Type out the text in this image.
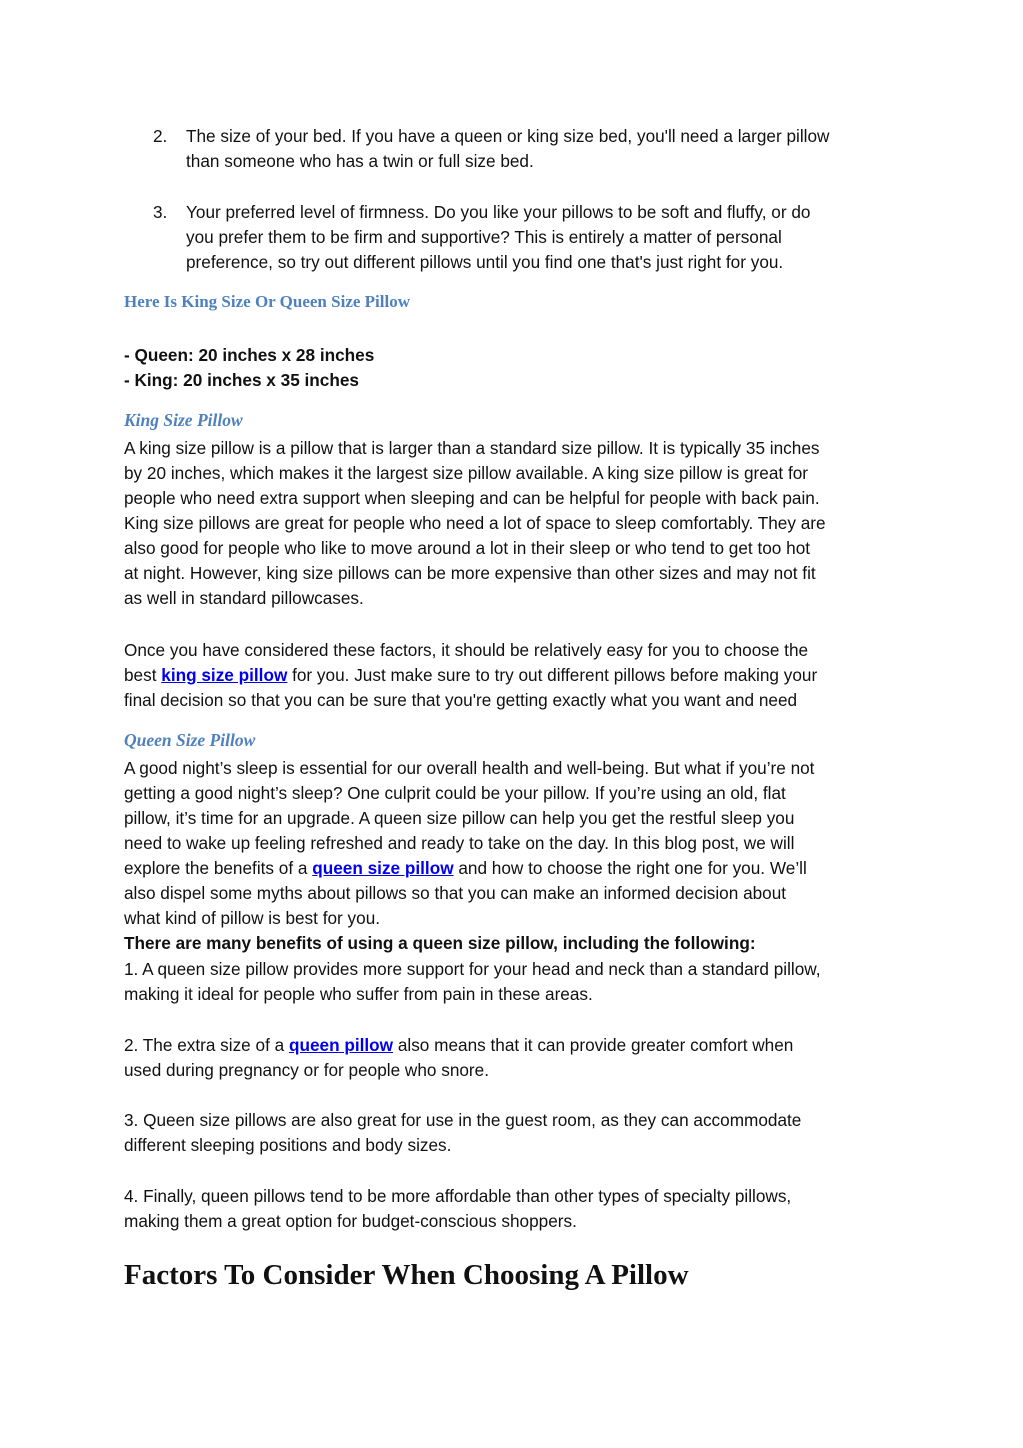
2. The size of your bed. If you have a queen or king size bed, you'll need a larger pillow
than someone who has a twin or full size bed.
3. Your preferred level of firmness. Do you like your pillows to be soft and fluffy, or do
you prefer them to be firm and supportive? This is entirely a matter of personal
preference, so try out different pillows until you find one that's just right for you.
Here Is King Size Or Queen Size Pillow
- Queen: 20 inches x 28 inches
- King: 20 inches x 35 inches
King Size Pillow
A king size pillow is a pillow that is larger than a standard size pillow. It is typically 35 inches
by 20 inches, which makes it the largest size pillow available. A king size pillow is great for
people who need extra support when sleeping and can be helpful for people with back pain.
King size pillows are great for people who need a lot of space to sleep comfortably. They are
also good for people who like to move around a lot in their sleep or who tend to get too hot
at night. However, king size pillows can be more expensive than other sizes and may not fit
as well in standard pillowcases.
Once you have considered these factors, it should be relatively easy for you to choose the
best king size pillow for you. Just make sure to try out different pillows before making your
final decision so that you can be sure that you're getting exactly what you want and need
Queen Size Pillow
A good night’s sleep is essential for our overall health and well-being. But what if you’re not
getting a good night’s sleep? One culprit could be your pillow. If you’re using an old, flat
pillow, it’s time for an upgrade. A queen size pillow can help you get the restful sleep you
need to wake up feeling refreshed and ready to take on the day. In this blog post, we will
explore the benefits of a queen size pillow and how to choose the right one for you. We’ll
also dispel some myths about pillows so that you can make an informed decision about
what kind of pillow is best for you.
There are many benefits of using a queen size pillow, including the following:
1. A queen size pillow provides more support for your head and neck than a standard pillow,
making it ideal for people who suffer from pain in these areas.
2. The extra size of a queen pillow also means that it can provide greater comfort when
used during pregnancy or for people who snore.
3. Queen size pillows are also great for use in the guest room, as they can accommodate
different sleeping positions and body sizes.
4. Finally, queen pillows tend to be more affordable than other types of specialty pillows,
making them a great option for budget-conscious shoppers.
Factors To Consider When Choosing A Pillow
